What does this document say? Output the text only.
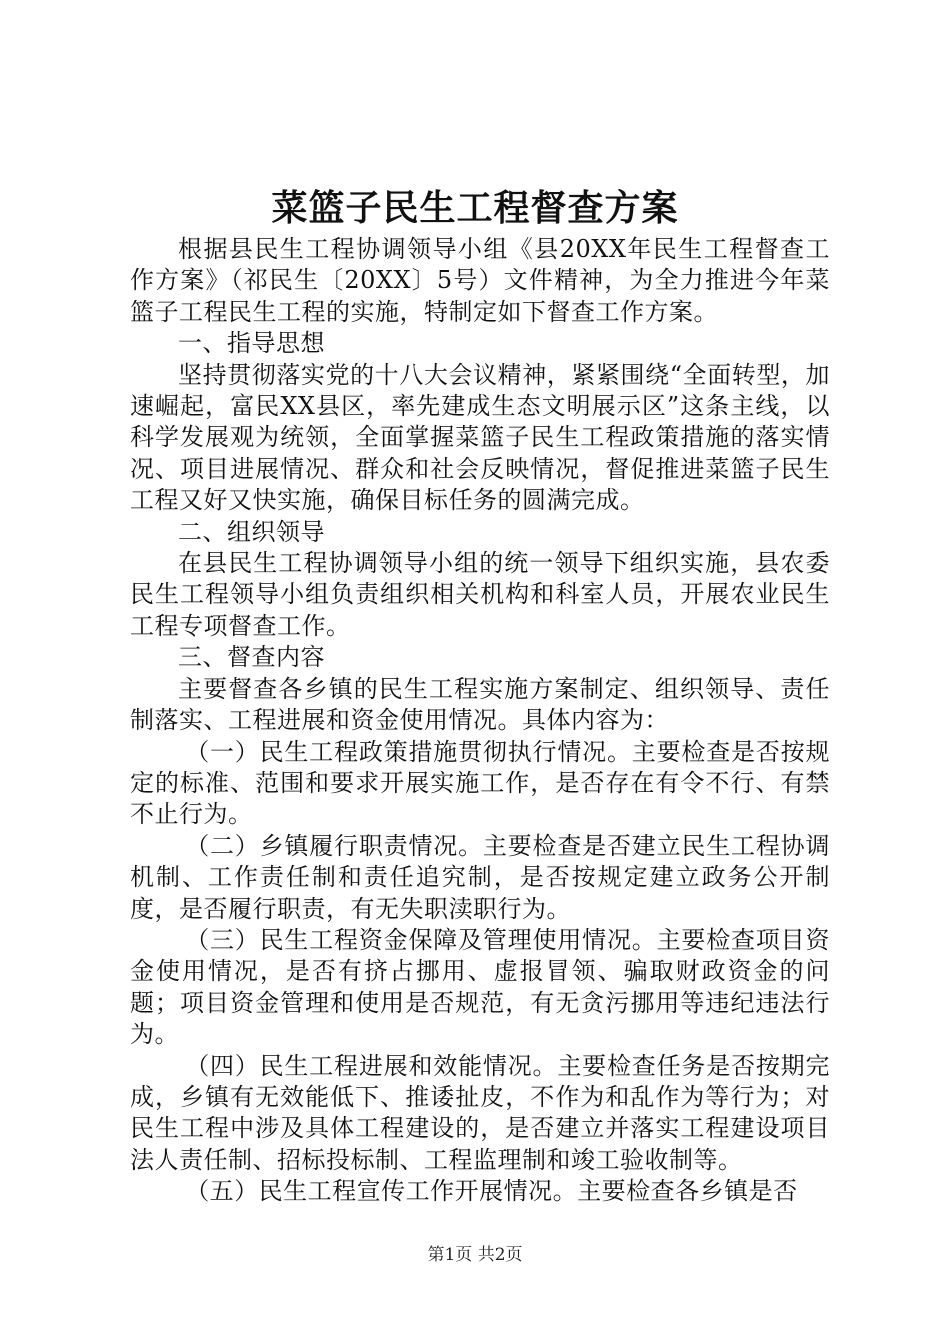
菜篮子民生工程督查方案

根据县民生工程协调领导小组《县20XX年民生工程督查工作方案》（祁民生〔20XX〕5号）文件精神，为全力推进今年菜篮子工程民生工程的实施，特制定如下督查工作方案。

一、指导思想

坚持贯彻落实党的十八大会议精神，紧紧围绕“全面转型，加速崛起，富民XX县区，率先建成生态文明展示区”这条主线，以科学发展观为统领，全面掌握菜篮子民生工程政策措施的落实情况、项目进展情况、群众和社会反映情况，督促推进菜篮子民生工程又好又快实施，确保目标任务的圆满完成。

二、组织领导

在县民生工程协调领导小组的统一领导下组织实施，县农委民生工程领导小组负责组织相关机构和科室人员，开展农业民生工程专项督查工作。

三、督查内容

主要督查各乡镇的民生工程实施方案制定、组织领导、责任制落实、工程进展和资金使用情况。具体内容为：

（一）民生工程政策措施贯彻执行情况。主要检查是否按规定的标准、范围和要求开展实施工作，是否存在有令不行、有禁不止行为。

（二）乡镇履行职责情况。主要检查是否建立民生工程协调机制、工作责任制和责任追究制，是否按规定建立政务公开制度，是否履行职责，有无失职渎职行为。

（三）民生工程资金保障及管理使用情况。主要检查项目资金使用情况，是否有挤占挪用、虚报冒领、骗取财政资金的问题；项目资金管理和使用是否规范，有无贪污挪用等违纪违法行为。

（四）民生工程进展和效能情况。主要检查任务是否按期完成，乡镇有无效能低下、推诿扯皮，不作为和乱作为等行为；对民生工程中涉及具体工程建设的，是否建立并落实工程建设项目法人责任制、招标投标制、工程监理制和竣工验收制等。

（五）民生工程宣传工作开展情况。主要检查各乡镇是否

第1页 共2页
